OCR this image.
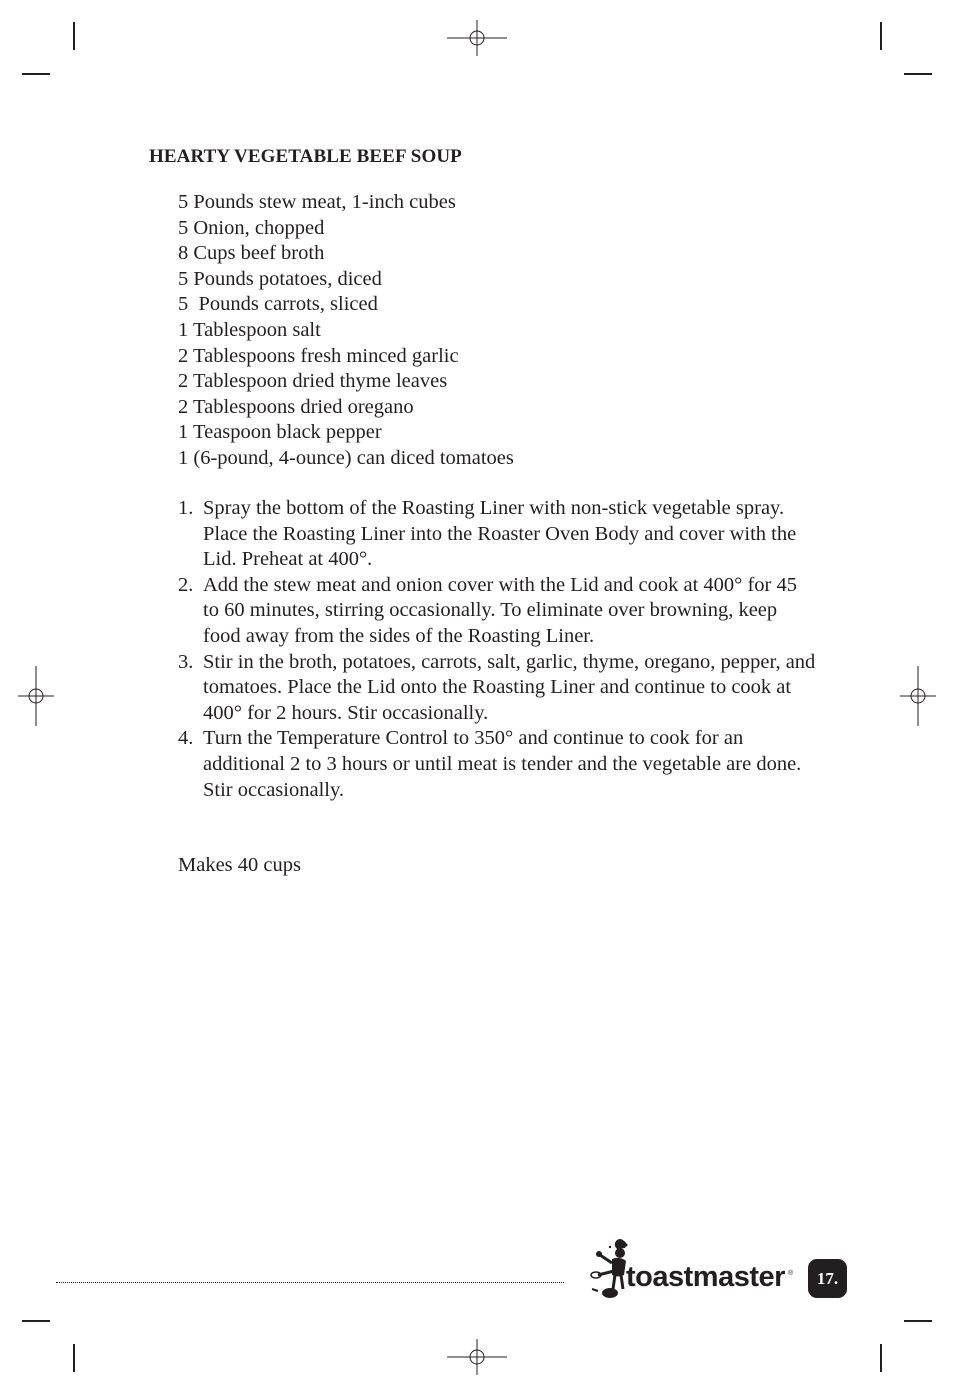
HEARTY VEGETABLE BEEF SOUP
5 Pounds stew meat, 1-inch cubes
5 Onion, chopped
8 Cups beef broth
5 Pounds potatoes, diced
5  Pounds carrots, sliced
1 Tablespoon salt
2 Tablespoons fresh minced garlic
2 Tablespoon dried thyme leaves
2 Tablespoons dried oregano
1 Teaspoon black pepper
1 (6-pound, 4-ounce) can diced tomatoes
1. Spray the bottom of the Roasting Liner with non-stick vegetable spray. Place the Roasting Liner into the Roaster Oven Body and cover with the Lid. Preheat at 400°.
2. Add the stew meat and onion cover with the Lid and cook at 400° for 45 to 60 minutes, stirring occasionally. To eliminate over browning, keep food away from the sides of the Roasting Liner.
3. Stir in the broth, potatoes, carrots, salt, garlic, thyme, oregano, pepper, and tomatoes. Place the Lid onto the Roasting Liner and continue to cook at 400° for 2 hours. Stir occasionally.
4. Turn the Temperature Control to 350° and continue to cook for an additional 2 to 3 hours or until meat is tender and the vegetable are done. Stir occasionally.
Makes 40 cups
toastmaster ® 17.
